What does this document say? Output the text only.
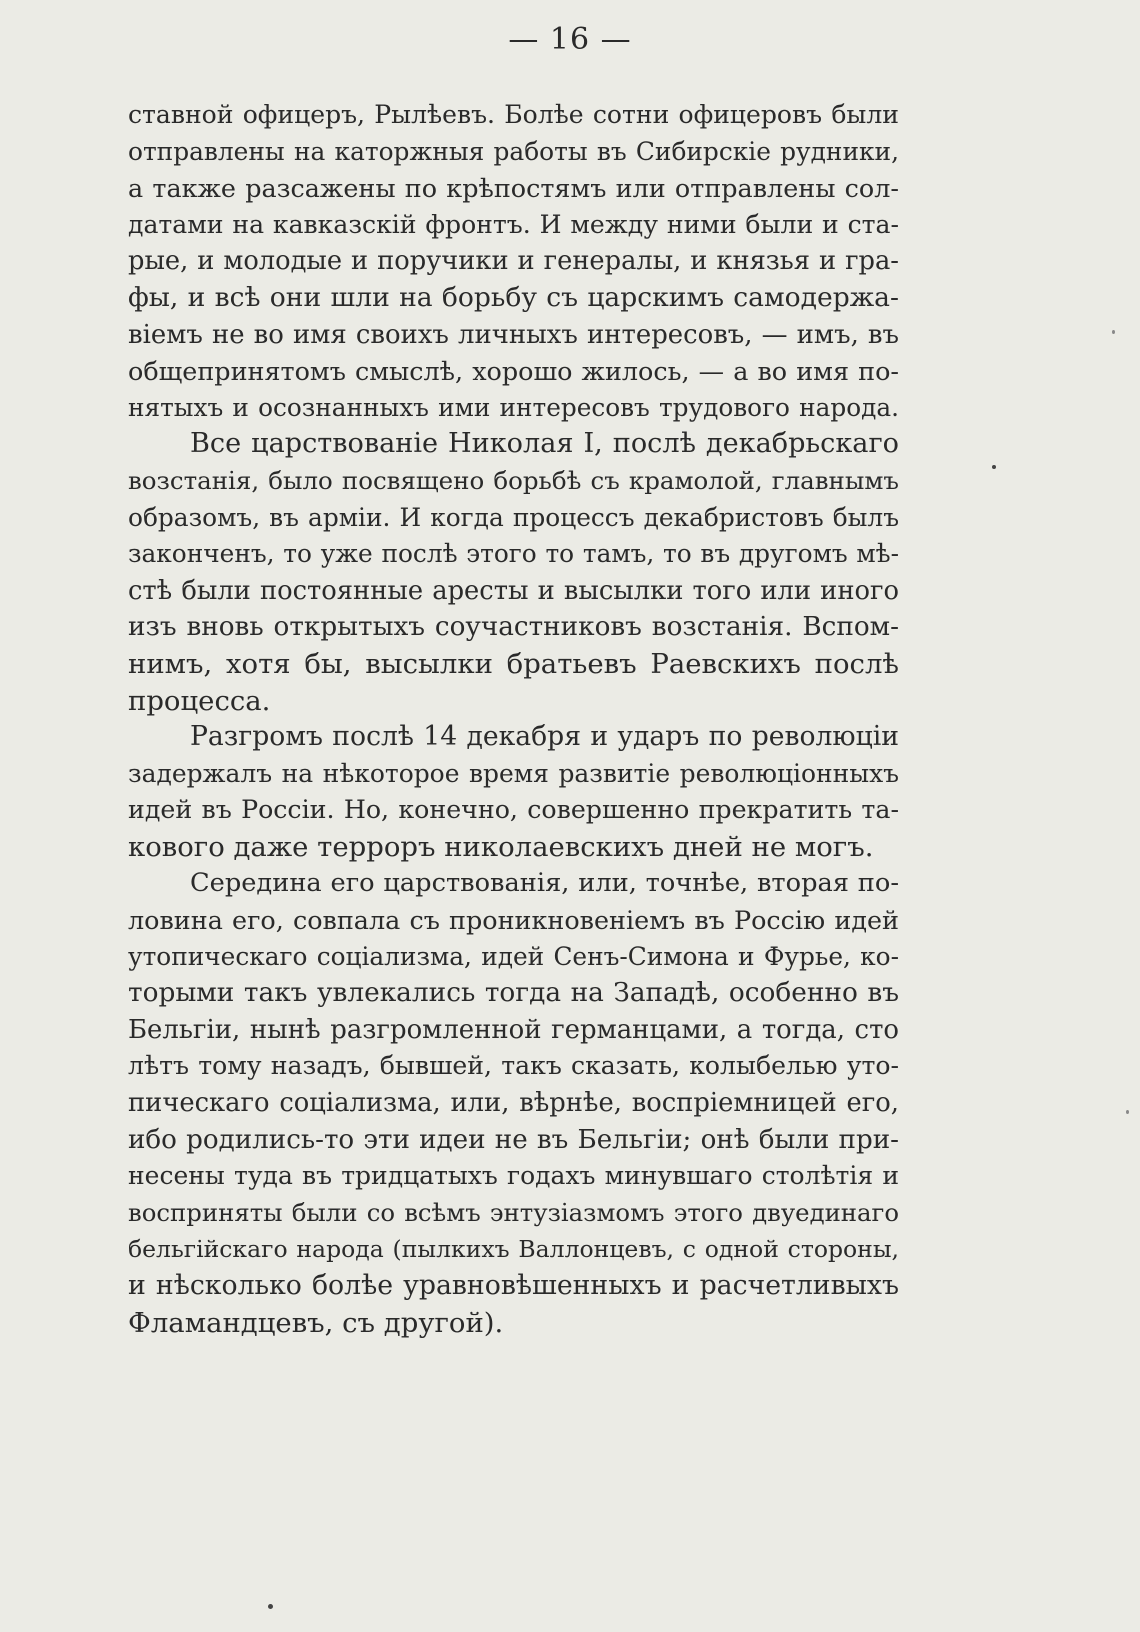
— 16 —
ставной офицеръ, Рылѣевъ. Болѣе сотни офицеровъ были
отправлены на каторжныя работы въ Сибирскіе рудники,
а также разсажены по крѣпостямъ или отправлены сол-
датами на кавказскій фронтъ. И между ними были и ста-
рые, и молодые и поручики и генералы, и князья и гра-
фы, и всѣ они шли на борьбу съ царскимъ самодержа-
віемъ не во имя своихъ личныхъ интересовъ, — имъ, въ
общепринятомъ смыслѣ, хорошо жилось, — а во имя по-
нятыхъ и осознанныхъ ими интересовъ трудового народа.
Все царствованіе Николая I, послѣ декабрьскаго
возстанія, было посвящено борьбѣ съ крамолой, главнымъ
образомъ, въ арміи. И когда процессъ декабристовъ былъ
законченъ, то уже послѣ этого то тамъ, то въ другомъ мѣ-
стѣ были постоянные аресты и высылки того или иного
изъ вновь открытыхъ соучастниковъ возстанія. Вспом-
нимъ, хотя бы, высылки братьевъ Раевскихъ послѣ
процесса.
Разгромъ послѣ 14 декабря и ударъ по революціи
задержалъ на нѣкоторое время развитіе революціонныхъ
идей въ Россіи. Но, конечно, совершенно прекратить та-
кового даже терроръ николаевскихъ дней не могъ.
Середина его царствованія, или, точнѣе, вторая по-
ловина его, совпала съ проникновеніемъ въ Россію идей
утопическаго соціализма, идей Сенъ-Симона и Фурье, ко-
торыми такъ увлекались тогда на Западѣ, особенно въ
Бельгіи, нынѣ разгромленной германцами, а тогда, сто
лѣтъ тому назадъ, бывшей, такъ сказать, колыбелью уто-
пическаго соціализма, или, вѣрнѣе, воспріемницей его,
ибо родились-то эти идеи не въ Бельгіи; онѣ были при-
несены туда въ тридцатыхъ годахъ минувшаго столѣтія и
восприняты были со всѣмъ энтузіазмомъ этого двуединаго
бельгійскаго народа (пылкихъ Валлонцевъ, с одной стороны,
и нѣсколько болѣе уравновѣшенныхъ и расчетливыхъ
Фламандцевъ, съ другой).
